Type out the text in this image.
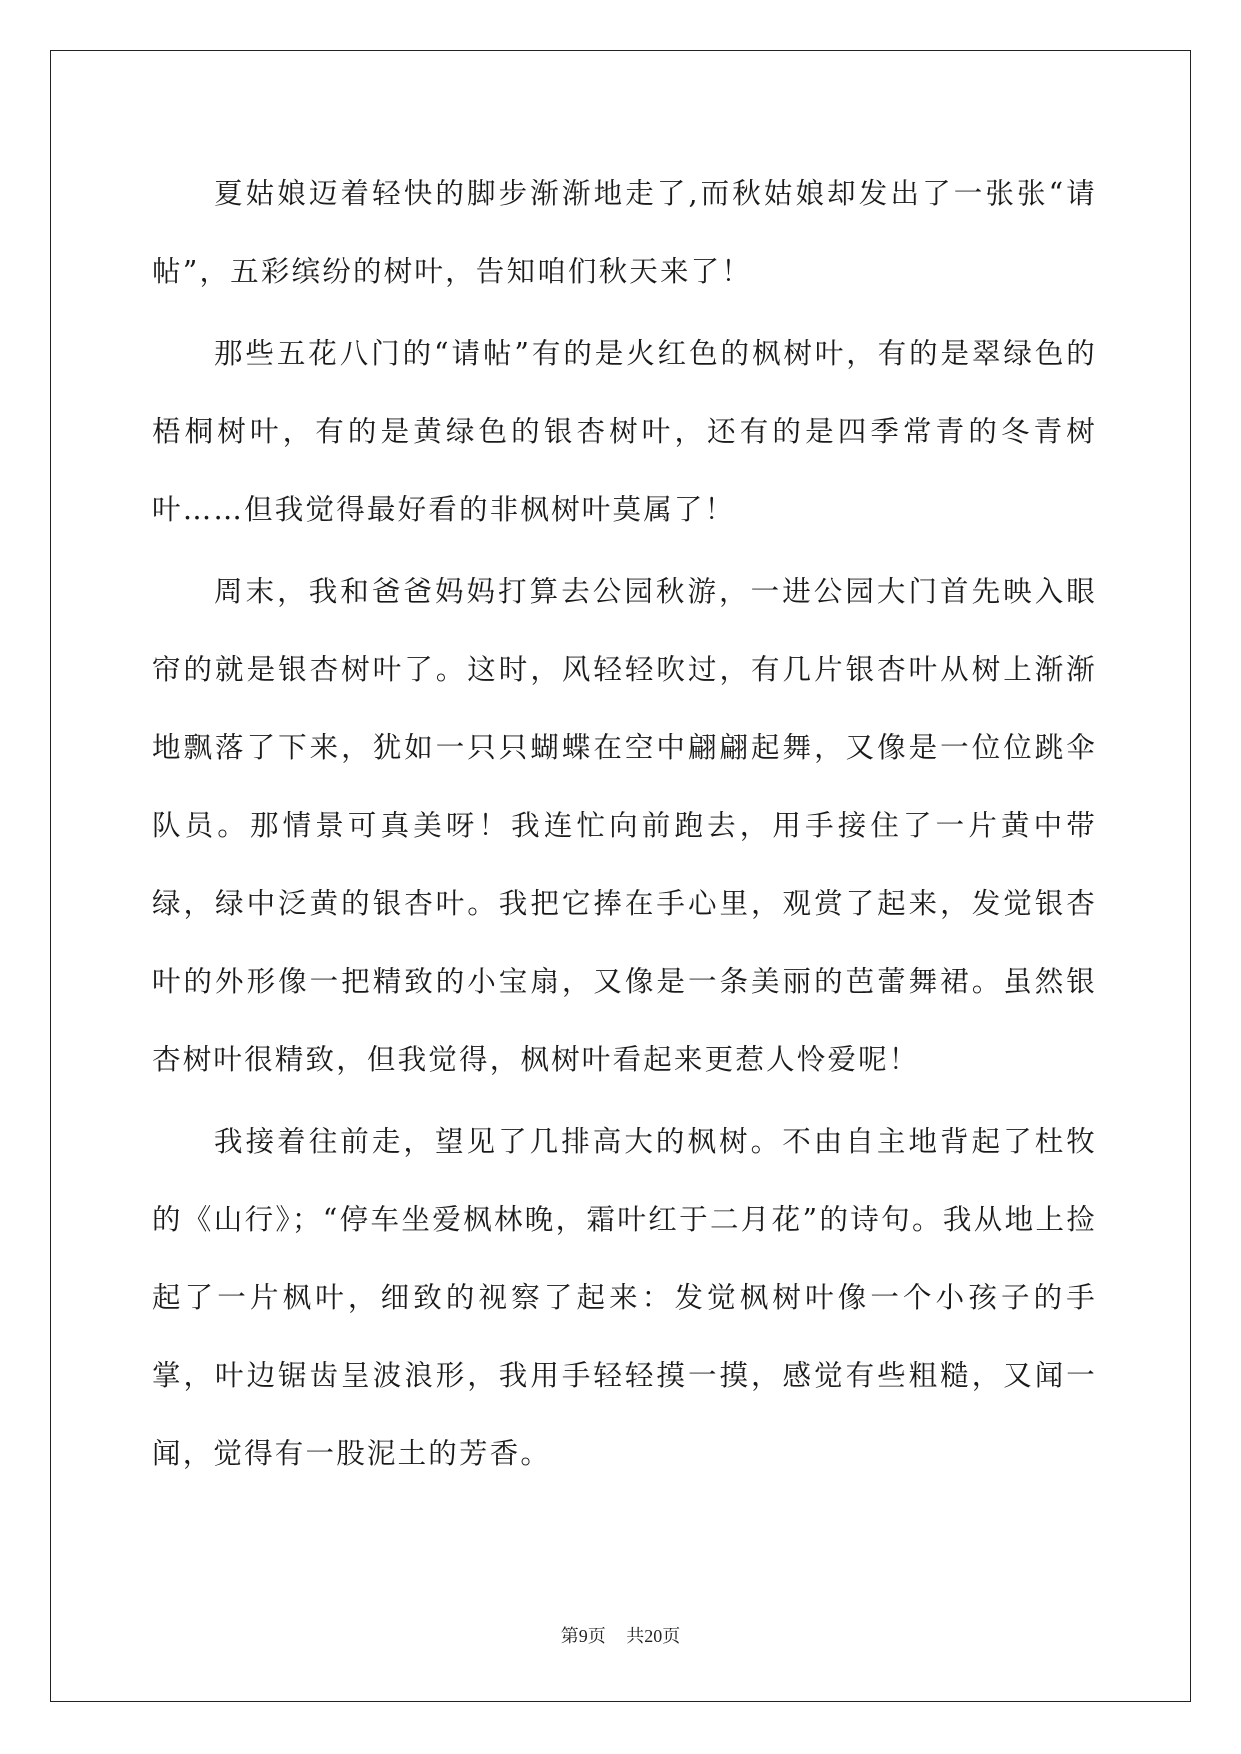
夏姑娘迈着轻快的脚步渐渐地走了,而秋姑娘却发出了一张张“请帖”，五彩缤纷的树叶，告知咱们秋天来了！

那些五花八门的“请帖”有的是火红色的枫树叶，有的是翠绿色的梧桐树叶，有的是黄绿色的银杏树叶，还有的是四季常青的冬青树叶……但我觉得最好看的非枫树叶莫属了！

周末，我和爸爸妈妈打算去公园秋游，一进公园大门首先映入眼帘的就是银杏树叶了。这时，风轻轻吹过，有几片银杏叶从树上渐渐地飘落了下来，犹如一只只蝴蝶在空中翩翩起舞，又像是一位位跳伞队员。那情景可真美呀！我连忙向前跑去，用手接住了一片黄中带绿，绿中泛黄的银杏叶。我把它捧在手心里，观赏了起来，发觉银杏叶的外形像一把精致的小宝扇，又像是一条美丽的芭蕾舞裙。虽然银杏树叶很精致，但我觉得，枫树叶看起来更惹人怜爱呢！

我接着往前走，望见了几排高大的枫树。不由自主地背起了杜牧的《山行》；“停车坐爱枫林晚，霜叶红于二月花”的诗句。我从地上捡起了一片枫叶，细致的视察了起来：发觉枫树叶像一个小孩子的手掌，叶边锯齿呈波浪形，我用手轻轻摸一摸，感觉有些粗糙，又闻一闻，觉得有一股泥土的芳香。

第9页 共20页
